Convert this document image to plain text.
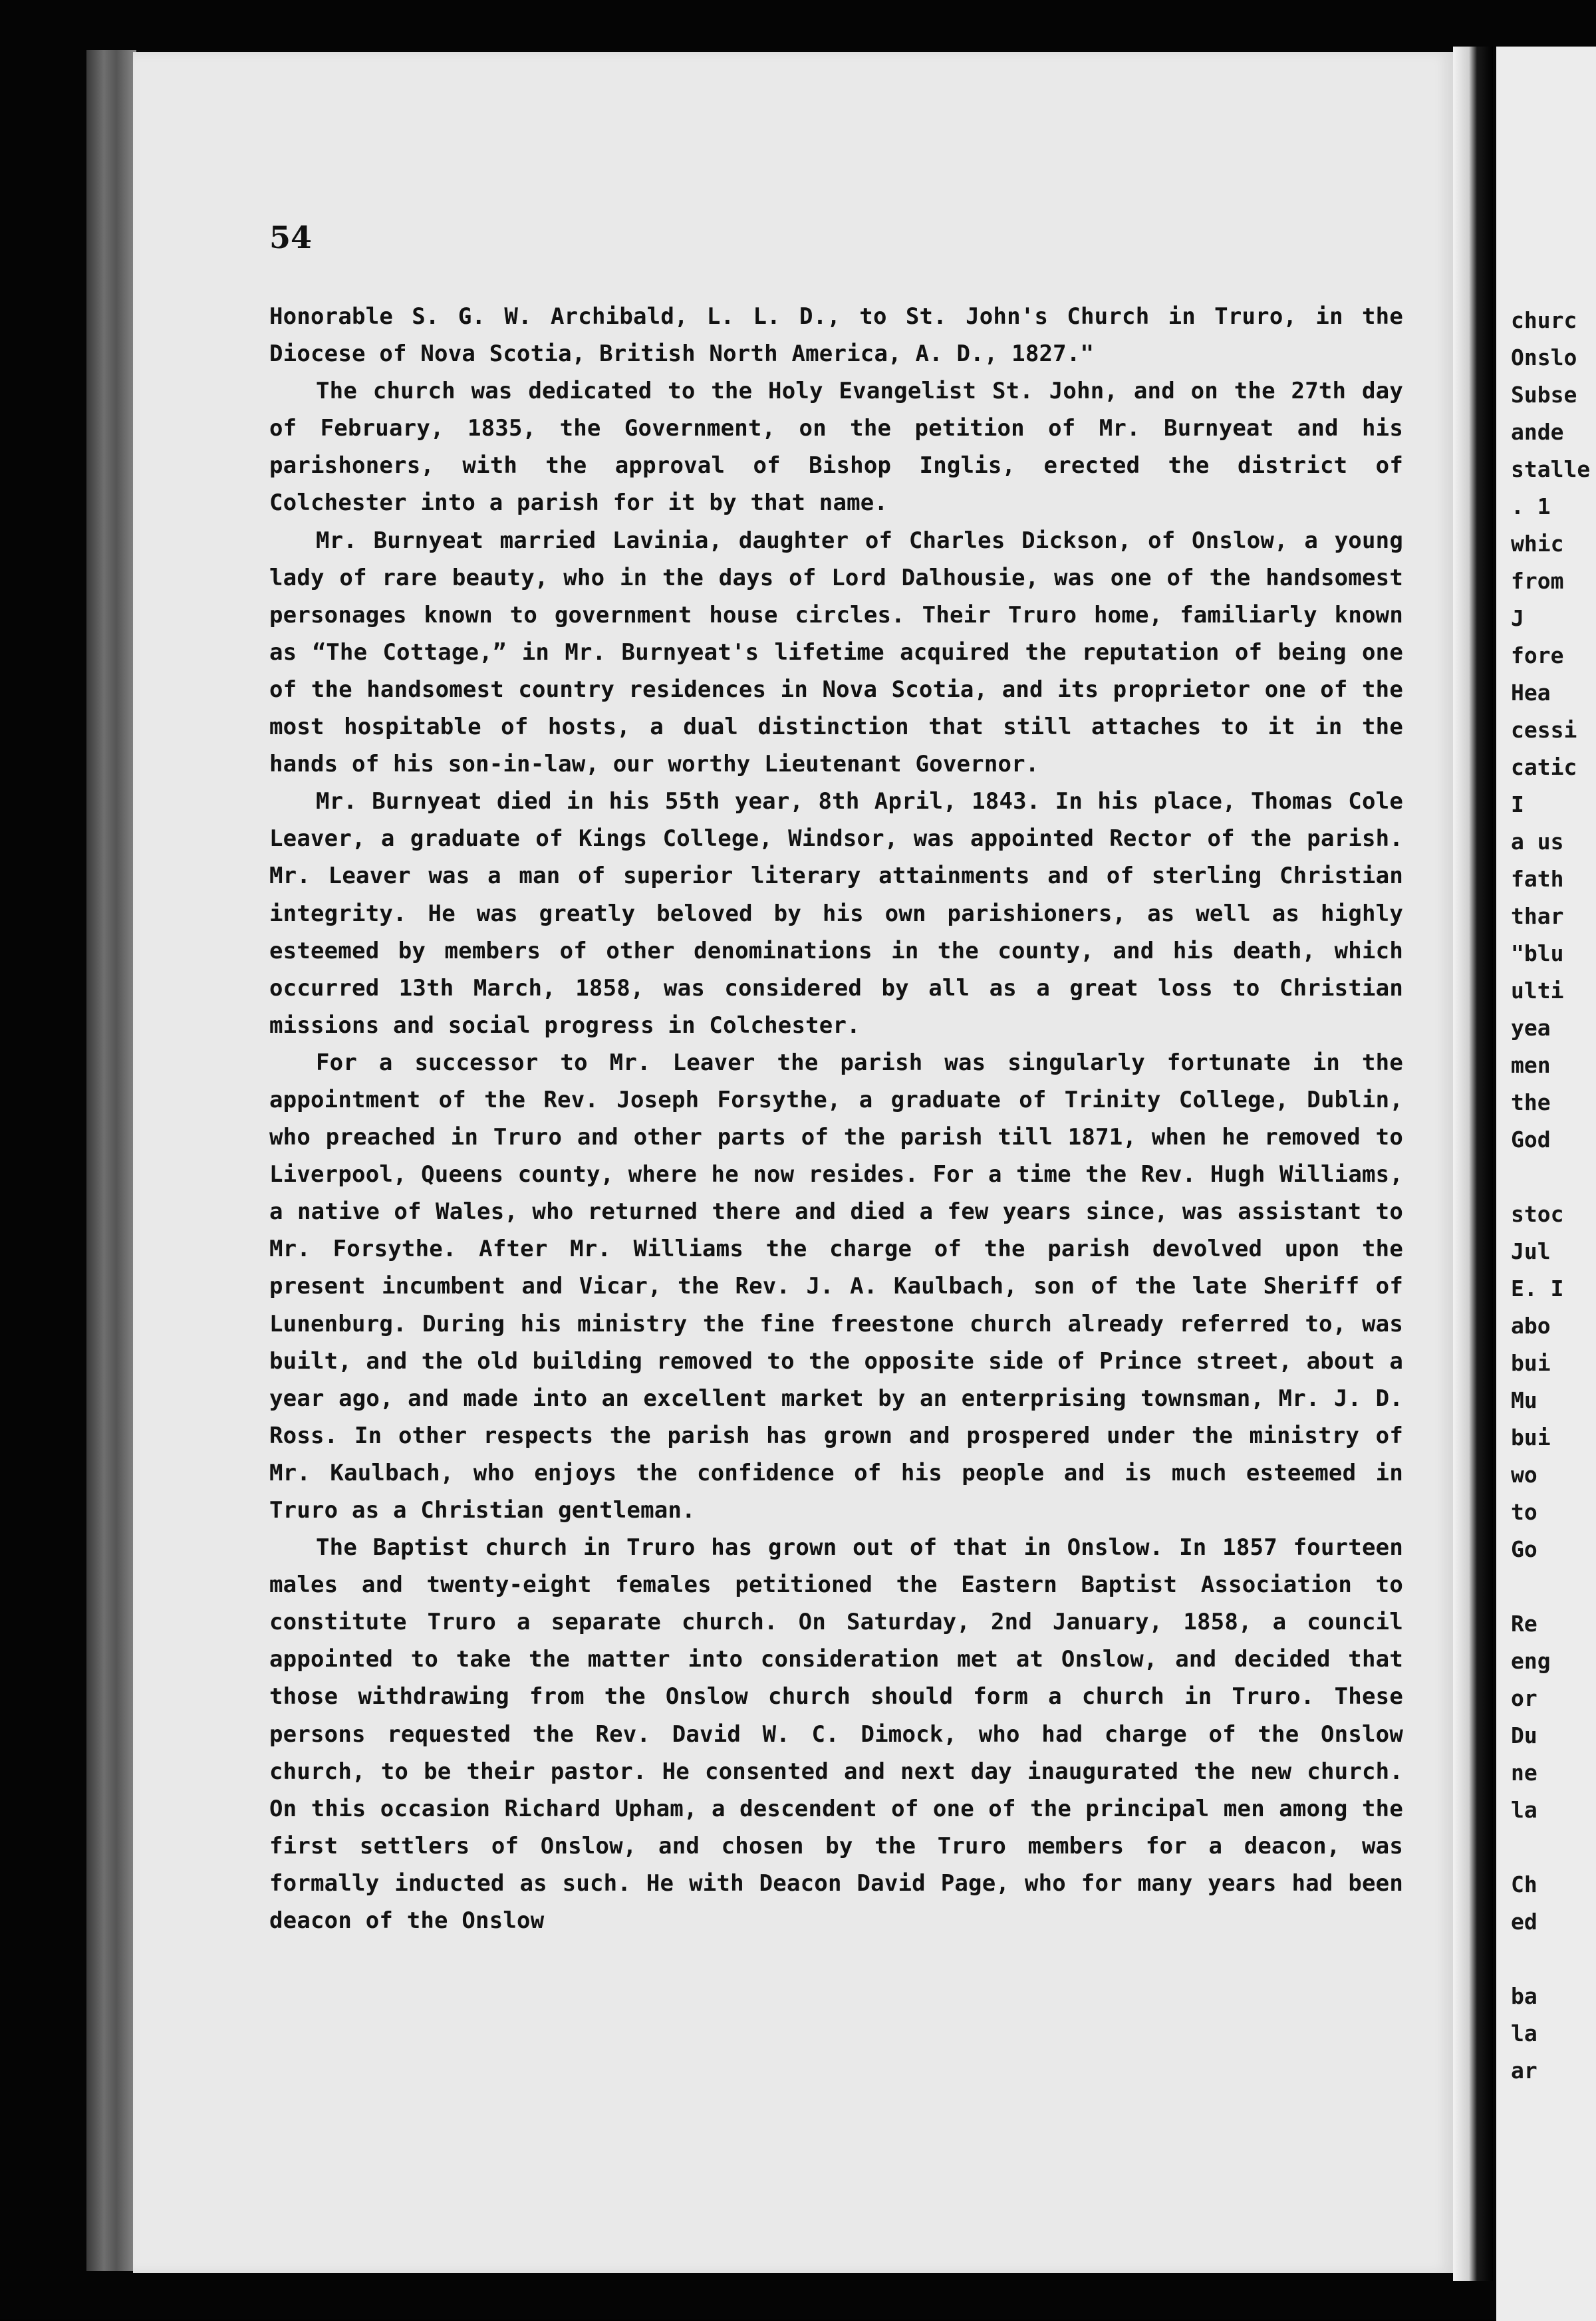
54

Honorable S. G. W. Archibald, L. L. D., to St. John's Church in Truro, in the Diocese of Nova Scotia, British North America, A. D., 1827."

The church was dedicated to the Holy Evangelist St. John, and on the 27th day of February, 1835, the Government, on the petition of Mr. Burnyeat and his parishoners, with the approval of Bishop Inglis, erected the district of Colchester into a parish for it by that name.

Mr. Burnyeat married Lavinia, daughter of Charles Dickson, of Onslow, a young lady of rare beauty, who in the days of Lord Dalhousie, was one of the handsomest personages known to government house circles. Their Truro home, familiarly known as “The Cottage,” in Mr. Burnyeat's lifetime acquired the reputation of being one of the handsomest country residences in Nova Scotia, and its proprietor one of the most hospitable of hosts, a dual distinction that still attaches to it in the hands of his son-in-law, our worthy Lieutenant Governor.

Mr. Burnyeat died in his 55th year, 8th April, 1843. In his place, Thomas Cole Leaver, a graduate of Kings College, Windsor, was appointed Rector of the parish. Mr. Leaver was a man of superior literary attainments and of sterling Christian integrity. He was greatly beloved by his own parishioners, as well as highly esteemed by members of other denominations in the county, and his death, which occurred 13th March, 1858, was considered by all as a great loss to Christian missions and social progress in Colchester.

For a successor to Mr. Leaver the parish was singularly fortunate in the appointment of the Rev. Joseph Forsythe, a graduate of Trinity College, Dublin, who preached in Truro and other parts of the parish till 1871, when he removed to Liverpool, Queens county, where he now resides. For a time the Rev. Hugh Williams, a native of Wales, who returned there and died a few years since, was assistant to Mr. Forsythe. After Mr. Williams the charge of the parish devolved upon the present incumbent and Vicar, the Rev. J. A. Kaulbach, son of the late Sheriff of Lunenburg. During his ministry the fine freestone church already referred to, was built, and the old building removed to the opposite side of Prince street, about a year ago, and made into an excellent market by an enterprising townsman, Mr. J. D. Ross. In other respects the parish has grown and prospered under the ministry of Mr. Kaulbach, who enjoys the confidence of his people and is much esteemed in Truro as a Christian gentleman.

The Baptist church in Truro has grown out of that in Onslow. In 1857 fourteen males and twenty-eight females petitioned the Eastern Baptist Association to constitute Truro a separate church. On Saturday, 2nd January, 1858, a council appointed to take the matter into consideration met at Onslow, and decided that those withdrawing from the Onslow church should form a church in Truro. These persons requested the Rev. David W. C. Dimock, who had charge of the Onslow church, to be their pastor. He consented and next day inaugurated the new church. On this occasion Richard Upham, a descendent of one of the principal men among the first settlers of Onslow, and chosen by the Truro members for a deacon, was formally inducted as such. He with Deacon David Page, who for many years had been deacon of the Onslow

churc
Onslo
Subse
ande
stalle
. 1
whic
from
J
fore
Hea
cessi
catic
I
a us
fath
thar
"blu
ulti
yea
men
the
God
stoc
Jul
E. I
abo
bui
Mu
bui
wo
to
Go
Re
eng
or
Du
ne
la
Ch
ed
ba
la
ar
